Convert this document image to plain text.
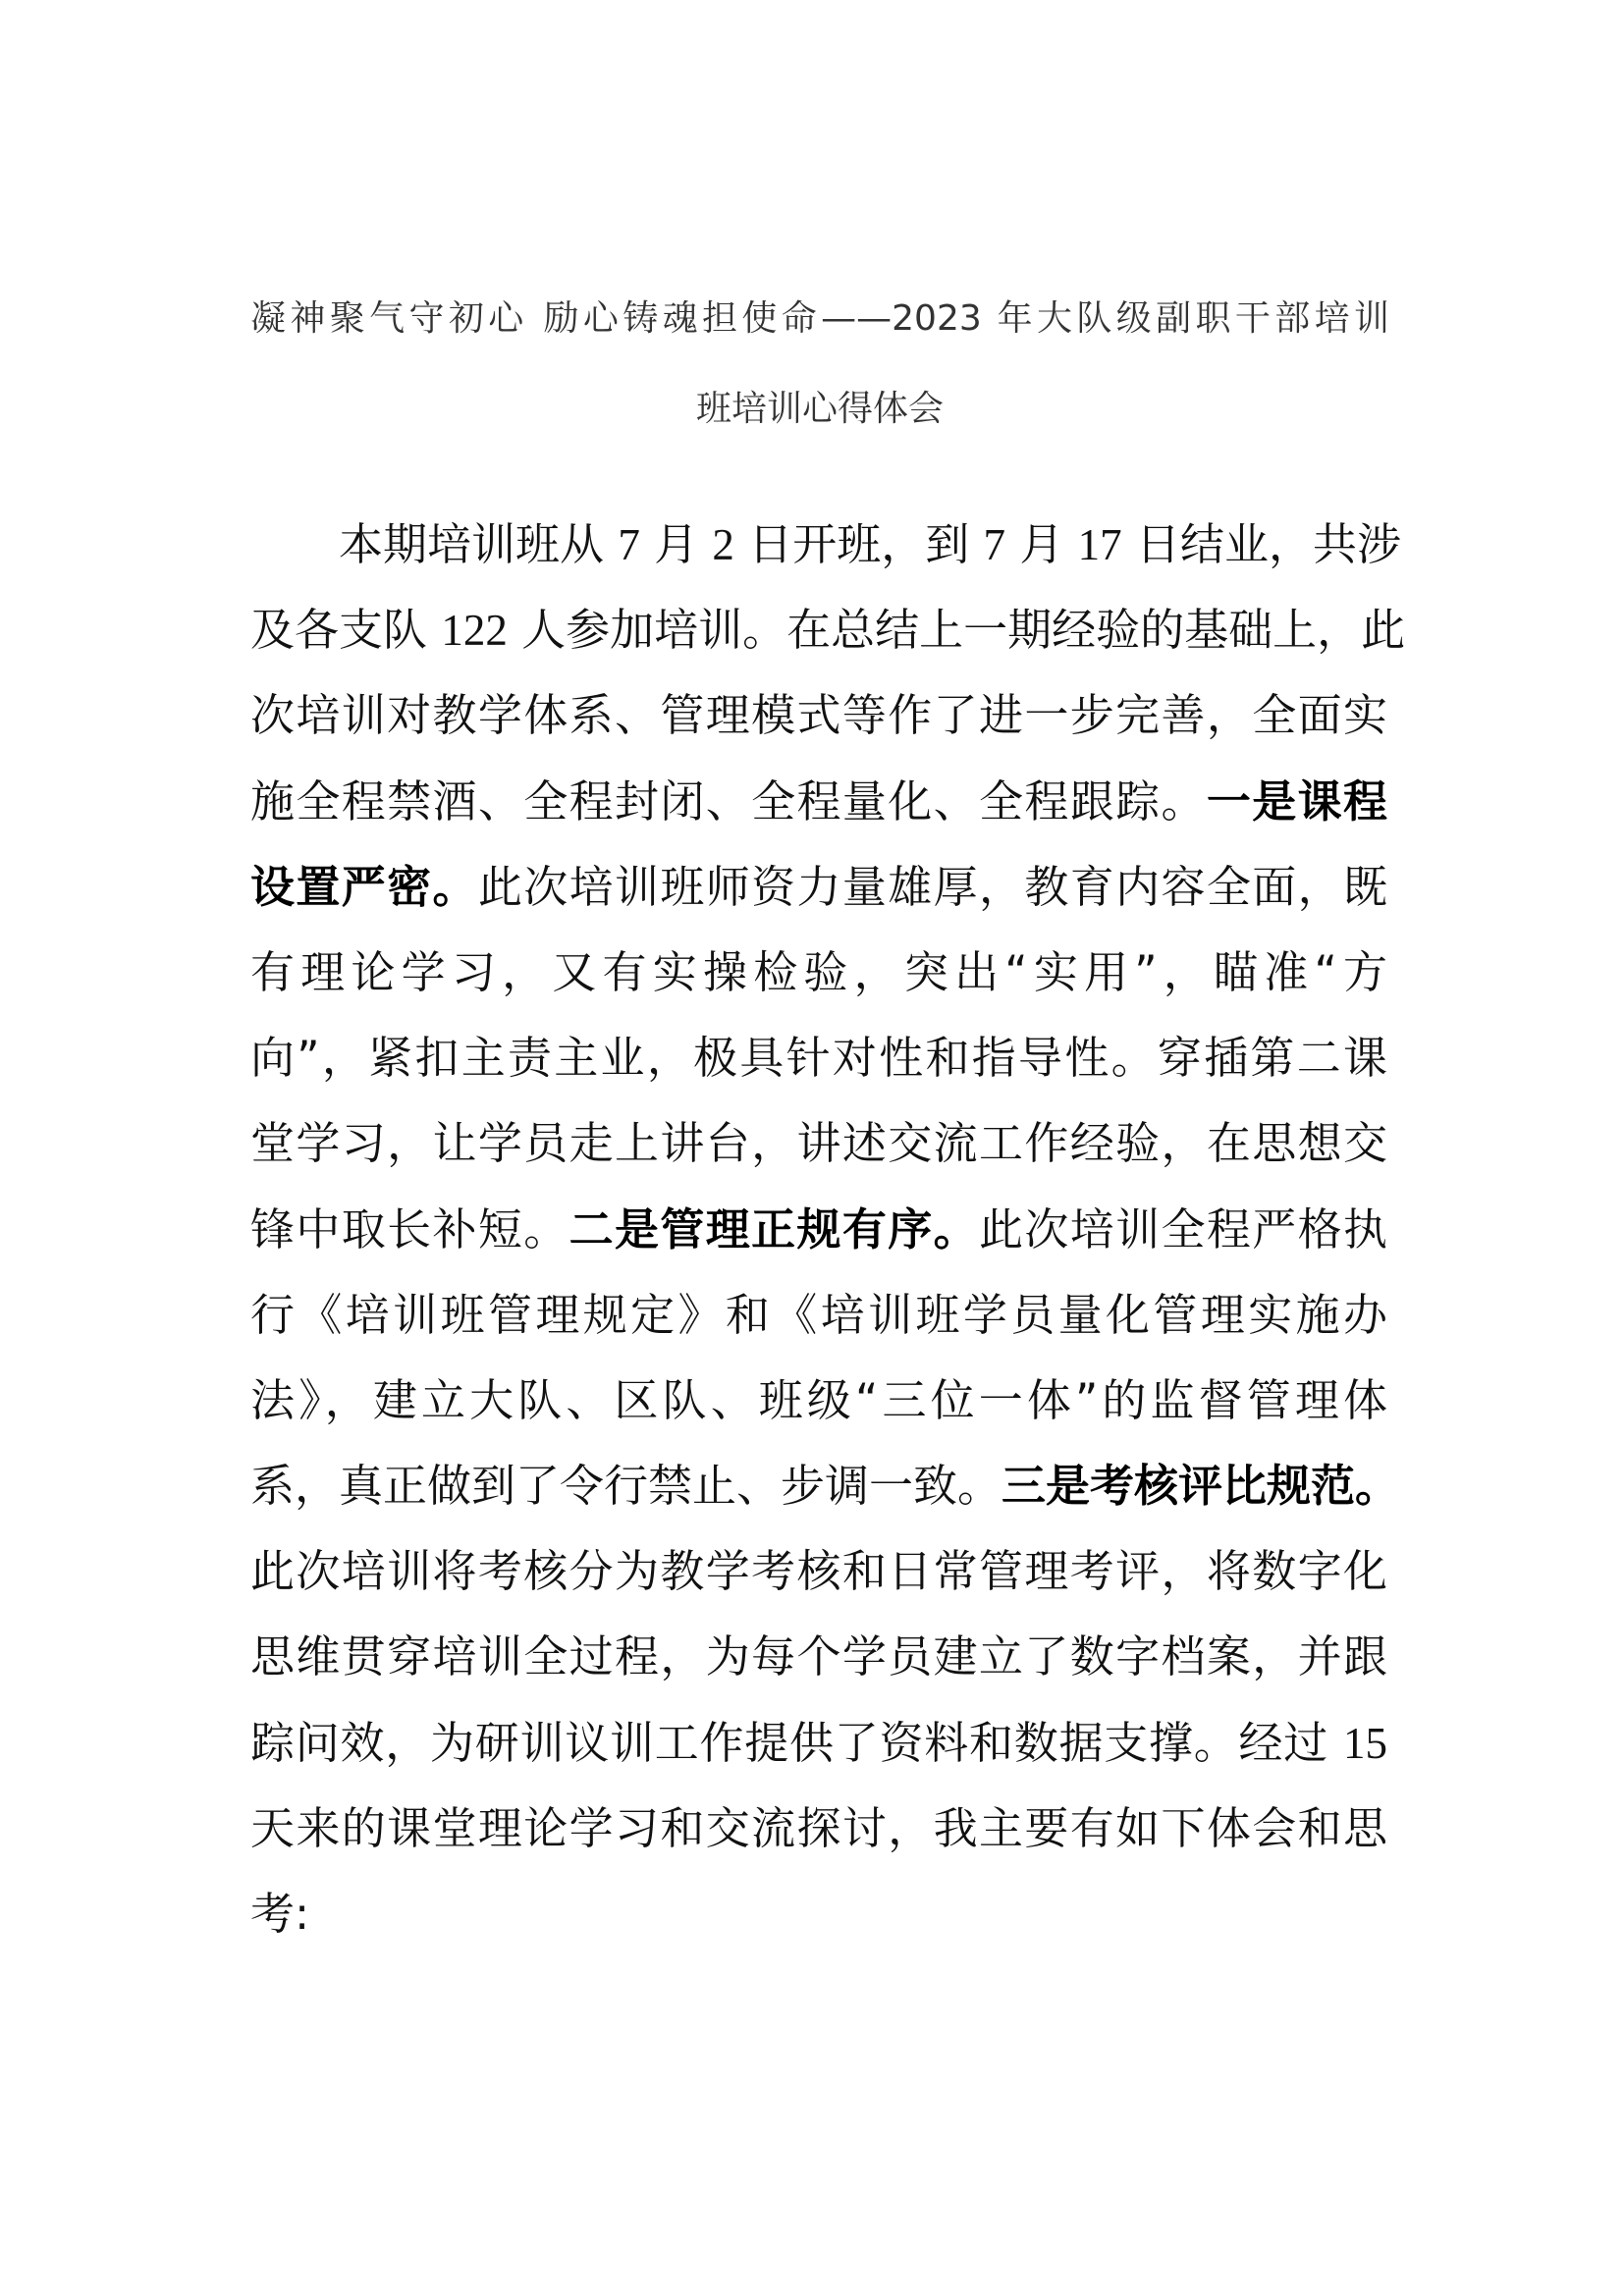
凝神聚气守初心 励心铸魂担使命——2023 年大队级副职干部培训
班培训心得体会
本期培训班从 7 月 2 日开班，到 7 月 17 日结业，共涉
及各支队 122 人参加培训。在总结上一期经验的基础上，此
次培训对教学体系、管理模式等作了进一步完善，全面实
施全程禁酒、全程封闭、全程量化、全程跟踪。一是课程
设置严密。此次培训班师资力量雄厚，教育内容全面，既
有理论学习，又有实操检验，突出“实用”，瞄准“方
向”，紧扣主责主业，极具针对性和指导性。穿插第二课
堂学习，让学员走上讲台，讲述交流工作经验，在思想交
锋中取长补短。二是管理正规有序。此次培训全程严格执
行《培训班管理规定》和《培训班学员量化管理实施办
法》，建立大队、区队、班级“三位一体”的监督管理体
系，真正做到了令行禁止、步调一致。三是考核评比规范。
此次培训将考核分为教学考核和日常管理考评，将数字化
思维贯穿培训全过程，为每个学员建立了数字档案，并跟
踪问效，为研训议训工作提供了资料和数据支撑。经过 15
天来的课堂理论学习和交流探讨，我主要有如下体会和思
考:
